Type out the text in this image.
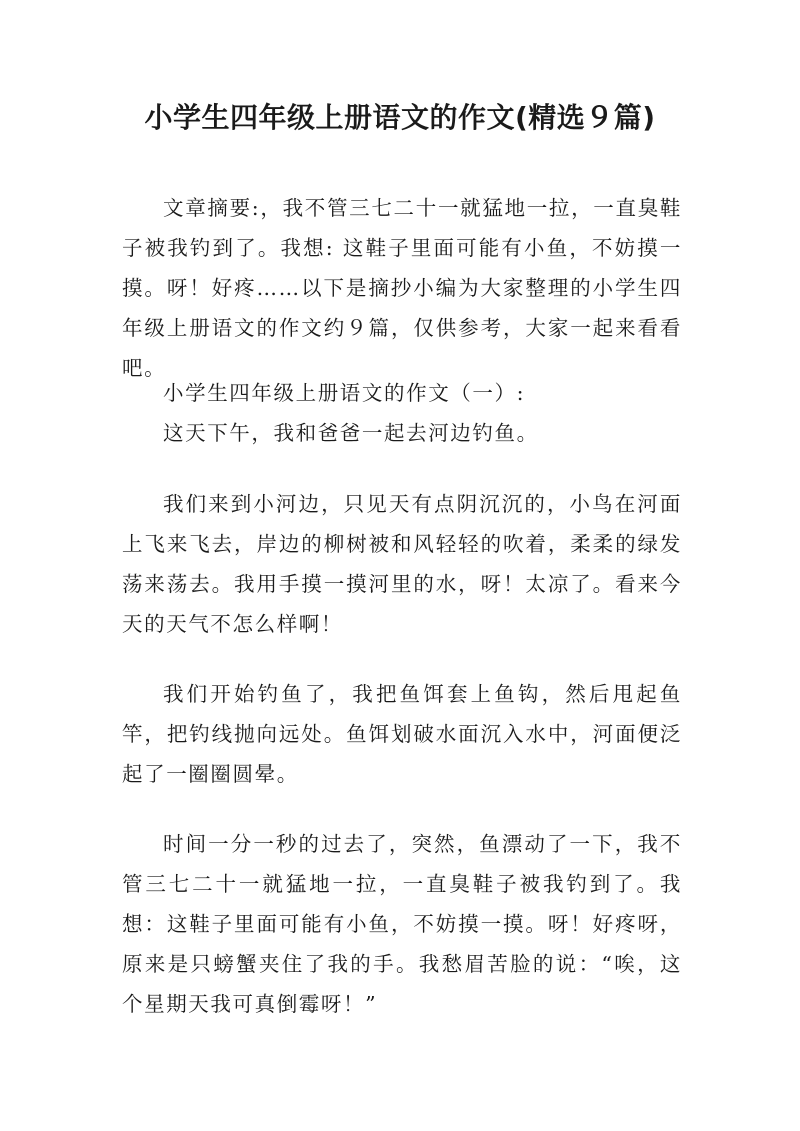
小学生四年级上册语文的作文(精选９篇)

文章摘要:，我不管三七二十一就猛地一拉，一直臭鞋子被我钓到了。我想: 这鞋子里面可能有小鱼，不妨摸一摸。呀！好疼……以下是摘抄小编为大家整理的小学生四年级上册语文的作文约９篇，仅供参考，大家一起来看看吧。

小学生四年级上册语文的作文（一）:

这天下午，我和爸爸一起去河边钓鱼。

我们来到小河边，只见天有点阴沉沉的，小鸟在河面上飞来飞去，岸边的柳树被和风轻轻的吹着，柔柔的绿发荡来荡去。我用手摸一摸河里的水，呀！太凉了。看来今天的天气不怎么样啊！

我们开始钓鱼了，我把鱼饵套上鱼钩，然后甩起鱼竿，把钓线抛向远处。鱼饵划破水面沉入水中，河面便泛起了一圈圈圆晕。

时间一分一秒的过去了，突然，鱼漂动了一下，我不管三七二十一就猛地一拉，一直臭鞋子被我钓到了。我想：这鞋子里面可能有小鱼，不妨摸一摸。呀！好疼呀，原来是只螃蟹夹住了我的手。我愁眉苦脸的说：“唉，这个星期天我可真倒霉呀！”
